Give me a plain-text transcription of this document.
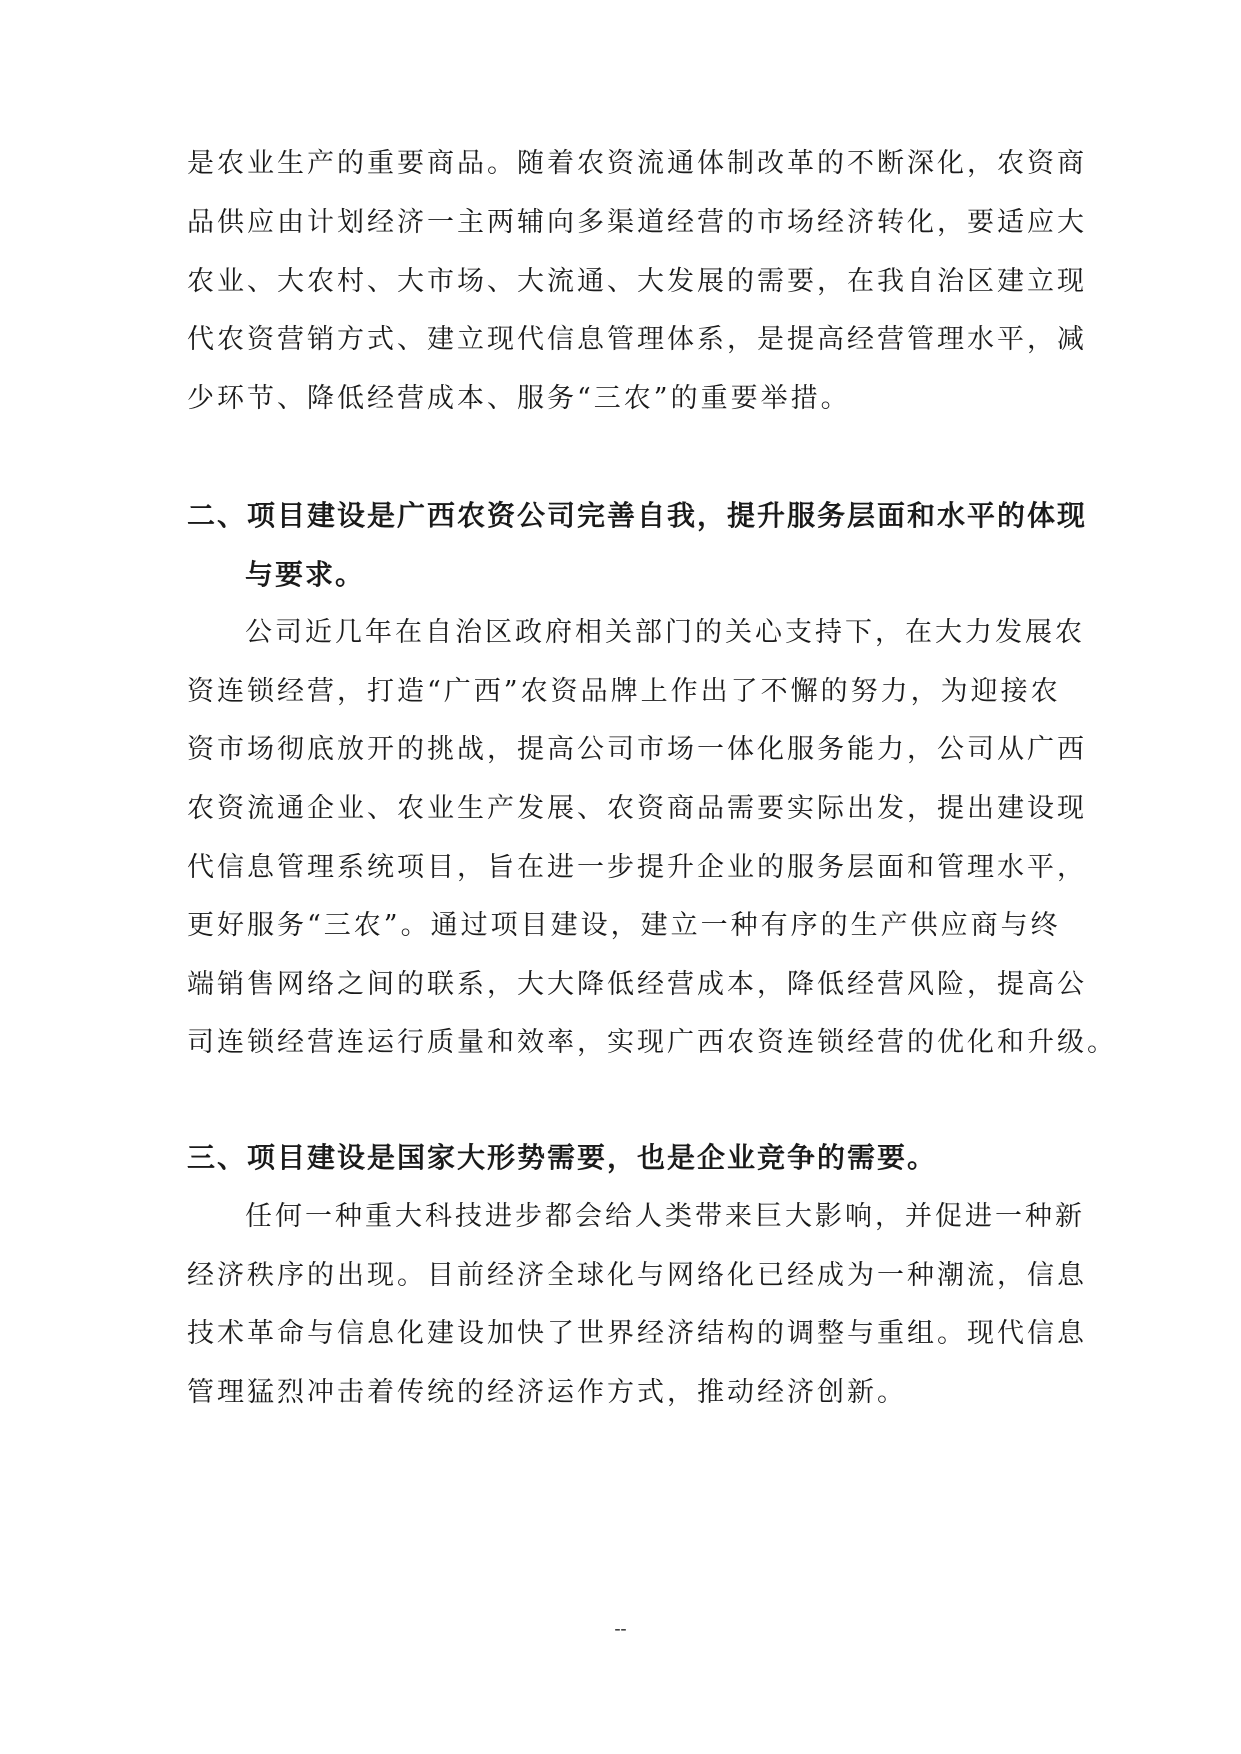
是农业生产的重要商品。随着农资流通体制改革的不断深化，农资商
品供应由计划经济一主两辅向多渠道经营的市场经济转化，要适应大
农业、大农村、大市场、大流通、大发展的需要，在我自治区建立现
代农资营销方式、建立现代信息管理体系，是提高经营管理水平，减
少环节、降低经营成本、服务“三农”的重要举措。
二、项目建设是广西农资公司完善自我，提升服务层面和水平的体现
与要求。
公司近几年在自治区政府相关部门的关心支持下，在大力发展农
资连锁经营，打造“广西”农资品牌上作出了不懈的努力，为迎接农
资市场彻底放开的挑战，提高公司市场一体化服务能力，公司从广西
农资流通企业、农业生产发展、农资商品需要实际出发，提出建设现
代信息管理系统项目，旨在进一步提升企业的服务层面和管理水平，
更好服务“三农”。通过项目建设，建立一种有序的生产供应商与终
端销售网络之间的联系，大大降低经营成本，降低经营风险，提高公
司连锁经营连运行质量和效率，实现广西农资连锁经营的优化和升级。
三、项目建设是国家大形势需要，也是企业竞争的需要。
任何一种重大科技进步都会给人类带来巨大影响，并促进一种新
经济秩序的出现。目前经济全球化与网络化已经成为一种潮流，信息
技术革命与信息化建设加快了世界经济结构的调整与重组。现代信息
管理猛烈冲击着传统的经济运作方式，推动经济创新。
--
